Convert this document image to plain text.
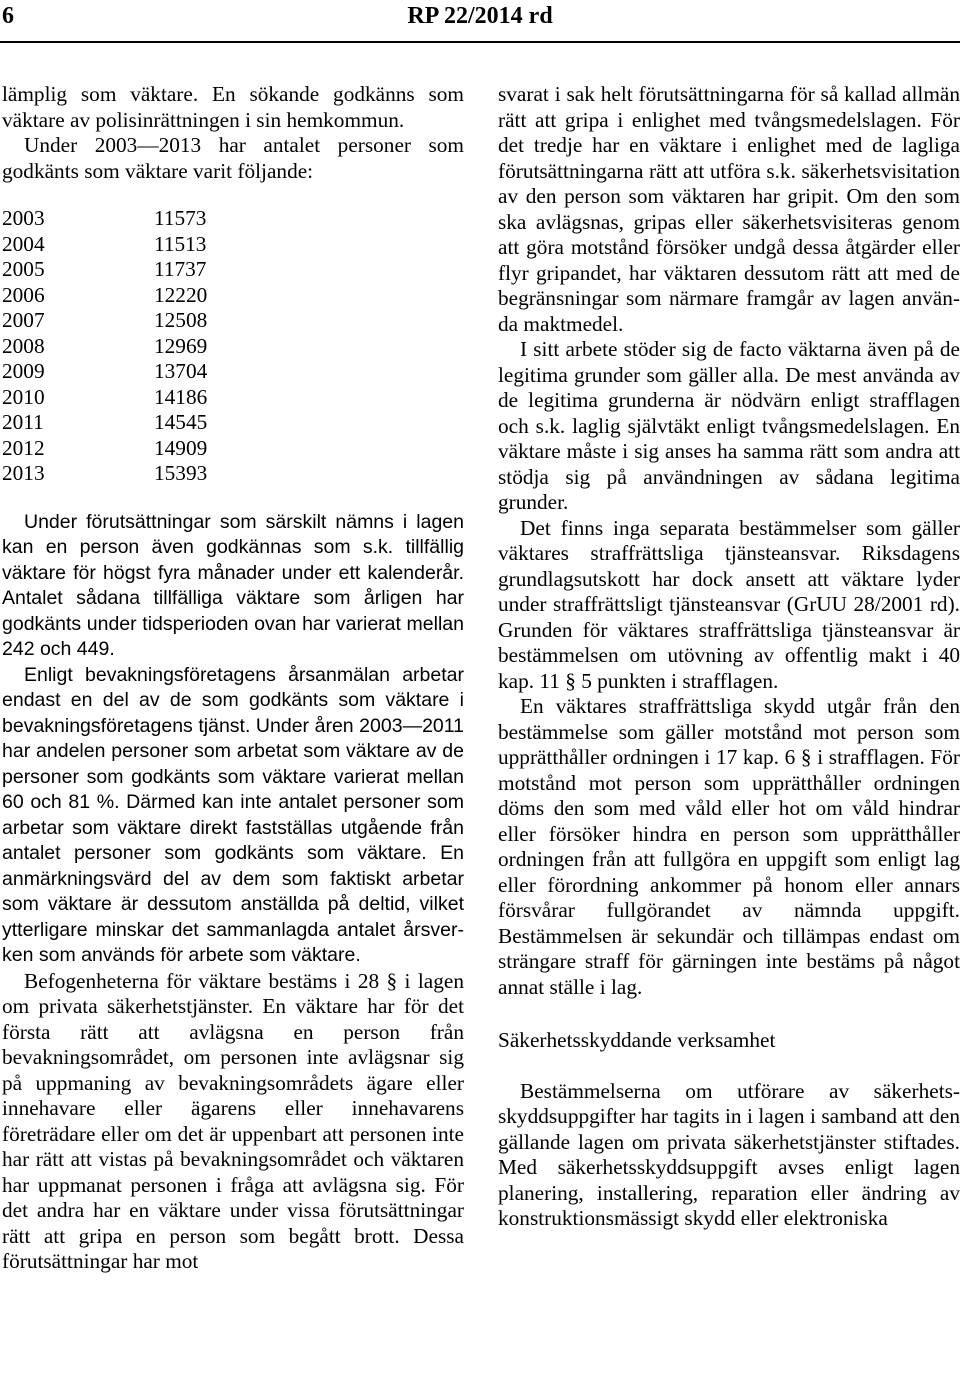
6	RP 22/2014 rd

lämplig som väktare. En sökande godkänns som väktare av polisinrättningen i sin hemkommun.

Under 2003—2013 har antalet personer som godkänts som väktare varit följande:

2003	11573
2004	11513
2005	11737
2006	12220
2007	12508
2008	12969
2009	13704
2010	14186
2011	14545
2012	14909
2013	15393

Under förutsättningar som särskilt nämns i lagen kan en person även godkännas som s.k. tillfällig väktare för högst fyra månader under ett kalenderår. Antalet sådana tillfälliga väktare som årligen har godkänts under tidsperioden ovan har varierat mellan 242 och 449.

Enligt bevakningsföretagens årsanmälan arbetar endast en del av de som godkänts som väktare i bevakningsföretagens tjänst. Under åren 2003—2011 har andelen personer som arbetat som väktare av de personer som godkänts som väktare varierat mellan 60 och 81 %. Därmed kan inte antalet personer som arbetar som väktare direkt fastställas utgående från antalet personer som godkänts som väktare. En anmärkningsvärd del av dem som faktiskt arbetar som väktare är dessutom anställda på deltid, vilket ytterligare minskar det sammanlagda antalet årsverken som används för arbete som väktare.

Befogenheterna för väktare bestäms i 28 § i lagen om privata säkerhetstjänster. En väktare har för det första rätt att avlägsna en person från bevakningsområdet, om personen inte avlägsnar sig på uppmaning av bevakningsområdets ägare eller innehavare eller ägarens eller innehavarens företrädare eller om det är uppenbart att personen inte har rätt att vistas på bevakningsområdet och väktaren har uppmanat personen i fråga att avlägsna sig. För det andra har en väktare under vissa förutsättningar rätt att gripa en person som begått brott. Dessa förutsättningar har mot

svarat i sak helt förutsättningarna för så kallad allmän rätt att gripa i enlighet med tvångsmedelslagen. För det tredje har en väktare i enlighet med de lagliga förutsättningarna rätt att utföra s.k. säkerhetsvisitation av den person som väktaren har gripit. Om den som ska avlägsnas, gripas eller säkerhetsvisiteras genom att göra motstånd försöker undgå dessa åtgärder eller flyr gripandet, har väktaren dessutom rätt att med de begränsningar som närmare framgår av lagen använda maktmedel.

I sitt arbete stöder sig de facto väktarna även på de legitima grunder som gäller alla. De mest använda av de legitima grunderna är nödvärn enligt strafflagen och s.k. laglig självtäkt enligt tvångsmedelslagen. En väktare måste i sig anses ha samma rätt som andra att stödja sig på användningen av sådana legitima grunder.

Det finns inga separata bestämmelser som gäller väktares straffrättsliga tjänsteansvar. Riksdagens grundlagsutskott har dock ansett att väktare lyder under straffrättsligt tjänsteansvar (GrUU 28/2001 rd). Grunden för väktares straffrättsliga tjänsteansvar är bestämmelsen om utövning av offentlig makt i 40 kap. 11 § 5 punkten i strafflagen.

En väktares straffrättsliga skydd utgår från den bestämmelse som gäller motstånd mot person som upprätthåller ordningen i 17 kap. 6 § i strafflagen. För motstånd mot person som upprätthåller ordningen döms den som med våld eller hot om våld hindrar eller försöker hindra en person som upprätthåller ordningen från att fullgöra en uppgift som enligt lag eller förordning ankommer på honom eller annars försvårar fullgörandet av nämnda uppgift. Bestämmelsen är sekundär och tillämpas endast om strängare straff för gärningen inte bestäms på något annat ställe i lag.

Säkerhetsskyddande verksamhet

Bestämmelserna om utförare av säkerhetsskyddsuppgifter har tagits in i lagen i samband att den gällande lagen om privata säkerhetstjänster stiftades. Med säkerhetsskyddsuppgift avses enligt lagen planering, installering, reparation eller ändring av konstruktionsmässigt skydd eller elektroniska
